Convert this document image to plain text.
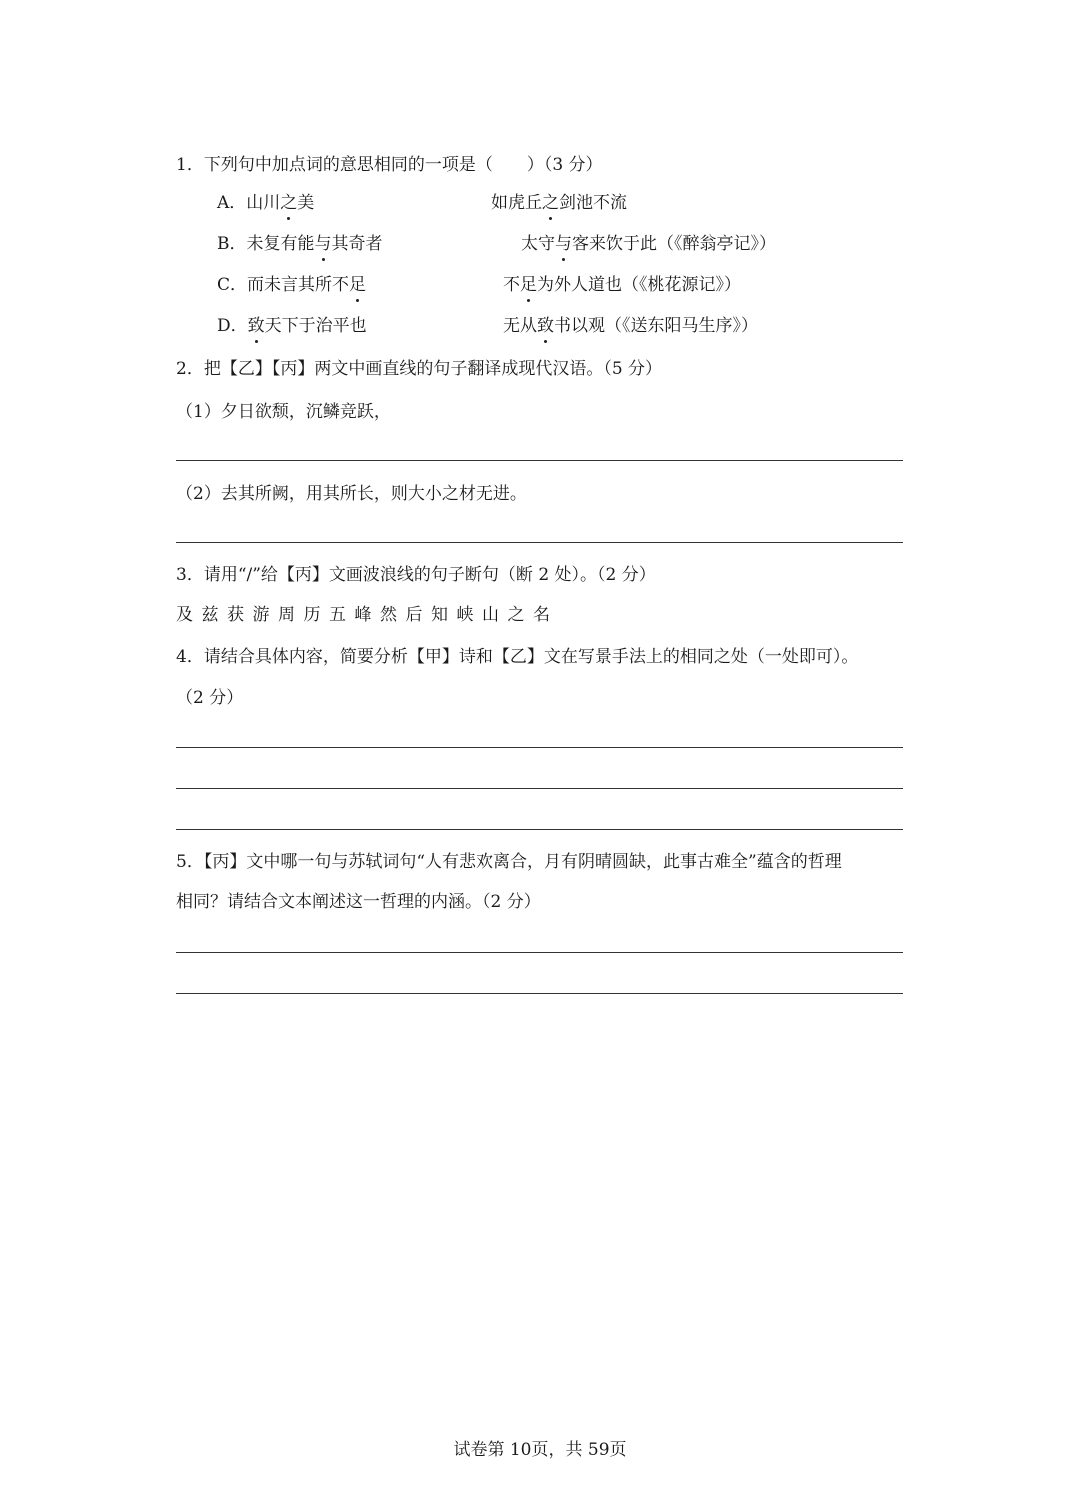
1．下列句中加点词的意思相同的一项是（　　）（3 分）
A．山川之美	如虎丘之剑池不流
B．未复有能与其奇者	太守与客来饮于此（《醉翁亭记》）
C．而未言其所不足	不足为外人道也（《桃花源记》）
D．致天下于治平也	无从致书以观（《送东阳马生序》）
2．把【乙】【丙】两文中画直线的句子翻译成现代汉语。（5 分）
（1）夕日欲颓，沉鳞竞跃，
（2）去其所阙，用其所长，则大小之材无进。
3．请用“/”给【丙】文画波浪线的句子断句（断 2 处）。（2 分）
及兹获游周历五峰然后知峡山之名
4．请结合具体内容，简要分析【甲】诗和【乙】文在写景手法上的相同之处（一处即可）。
（2 分）
5．【丙】文中哪一句与苏轼词句“人有悲欢离合，月有阴晴圆缺，此事古难全”蕴含的哲理
相同？请结合文本阐述这一哲理的内涵。（2 分）
试卷第 10页，共 59页
